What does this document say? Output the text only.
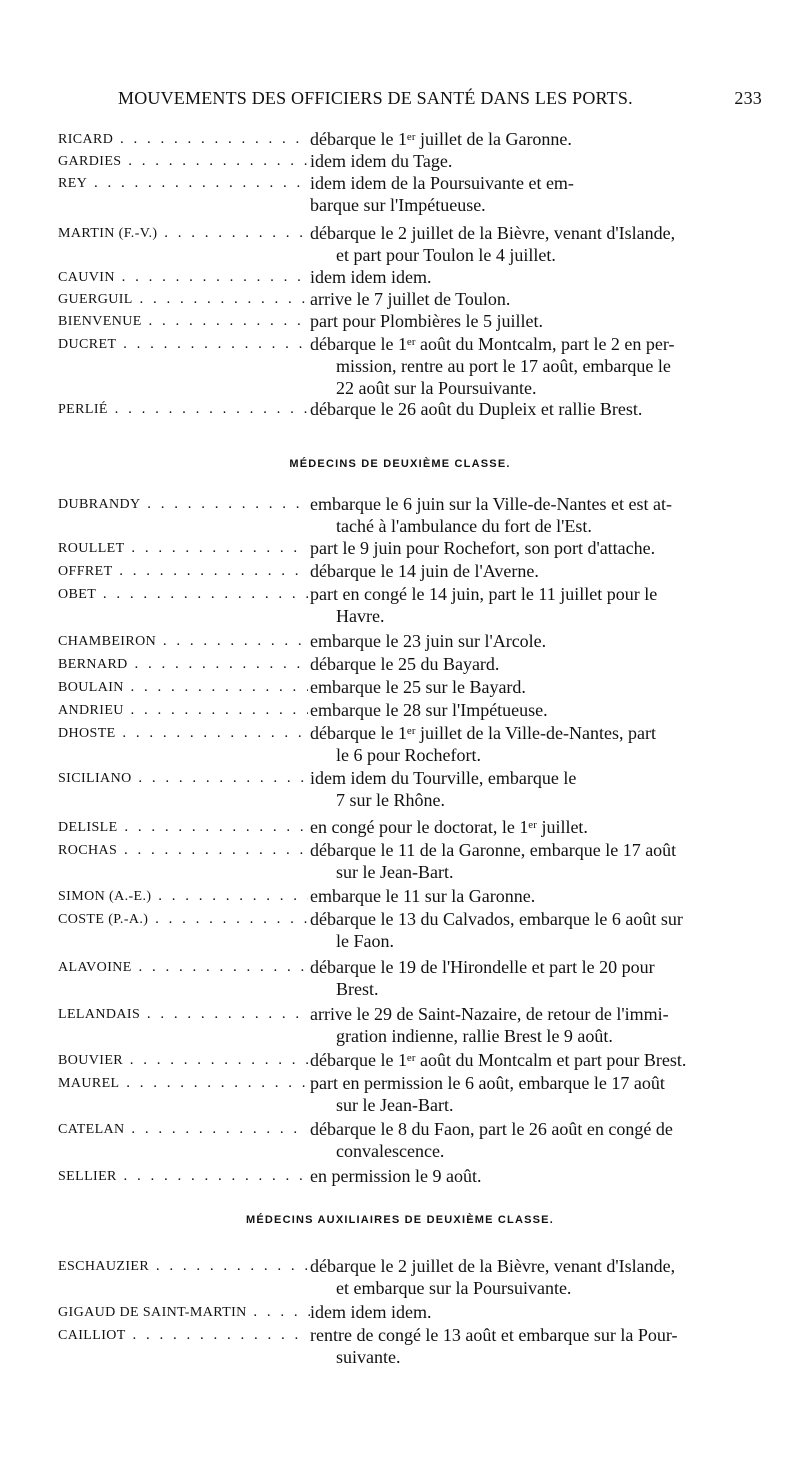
MOUVEMENTS DES OFFICIERS DE SANTÉ DANS LES PORTS.	233
RICARD . . .	débarque le 1ᵉʳ juillet de la Garonne.
GARDIES . . .	idem idem du Tage.
REY . . .	idem idem de la Poursuivante et em-
barque sur l'Impétueuse.
MARTIN (F.-V.) . . .	débarque le 2 juillet de la Bièvre, venant d'Islande,
et part pour Toulon le 4 juillet.
CAUVIN . . .	idem idem idem.
GUERGUIL . . .	arrive le 7 juillet de Toulon.
BIENVENUE . . .	part pour Plombières le 5 juillet.
DUCRET . . .	débarque le 1ᵉʳ août du Montcalm, part le 2 en per-
mission, rentre au port le 17 août, embarque le
22 août sur la Poursuivante.
PERLIÉ . . .	débarque le 26 août du Dupleix et rallie Brest.
MÉDECINS DE DEUXIÈME CLASSE.
DUBRANDY . . .	embarque le 6 juin sur la Ville-de-Nantes et est at-
taché à l'ambulance du fort de l'Est.
ROULLET . . .	part le 9 juin pour Rochefort, son port d'attache.
OFFRET . . .	débarque le 14 juin de l'Averne.
OBET . . .	part en congé le 14 juin, part le 11 juillet pour le
Havre.
CHAMBEIRON . . .	embarque le 23 juin sur l'Arcole.
BERNARD . . .	débarque le 25 du Bayard.
BOULAIN . . .	embarque le 25 sur le Bayard.
ANDRIEU . . .	embarque le 28 sur l'Impétueuse.
DHOSTE . . .	débarque le 1ᵉʳ juillet de la Ville-de-Nantes, part
le 6 pour Rochefort.
SICILIANO . . .	idem idem du Tourville, embarque le
7 sur le Rhône.
DELISLE . . .	en congé pour le doctorat, le 1ᵉʳ juillet.
ROCHAS . . .	débarque le 11 de la Garonne, embarque le 17 août
sur le Jean-Bart.
SIMON (A.-E.) . . .	embarque le 11 sur la Garonne.
COSTE (P.-A.) . . .	débarque le 13 du Calvados, embarque le 6 août sur
le Faon.
ALAVOINE . . .	débarque le 19 de l'Hirondelle et part le 20 pour
Brest.
LELANDAIS . . .	arrive le 29 de Saint-Nazaire, de retour de l'immi-
gration indienne, rallie Brest le 9 août.
BOUVIER . . .	débarque le 1ᵉʳ août du Montcalm et part pour Brest.
MAUREL . . .	part en permission le 6 août, embarque le 17 août
sur le Jean-Bart.
CATELAN . . .	débarque le 8 du Faon, part le 26 août en congé de
convalescence.
SELLIER . . .	en permission le 9 août.
MÉDECINS AUXILIAIRES DE DEUXIÈME CLASSE.
ESCHAUZIER . . .	débarque le 2 juillet de la Bièvre, venant d'Islande,
et embarque sur la Poursuivante.
GIGAUD DE SAINT-MARTIN . . .	idem idem idem.
CAILLIOT . . .	rentre de congé le 13 août et embarque sur la Pour-
suivante.
